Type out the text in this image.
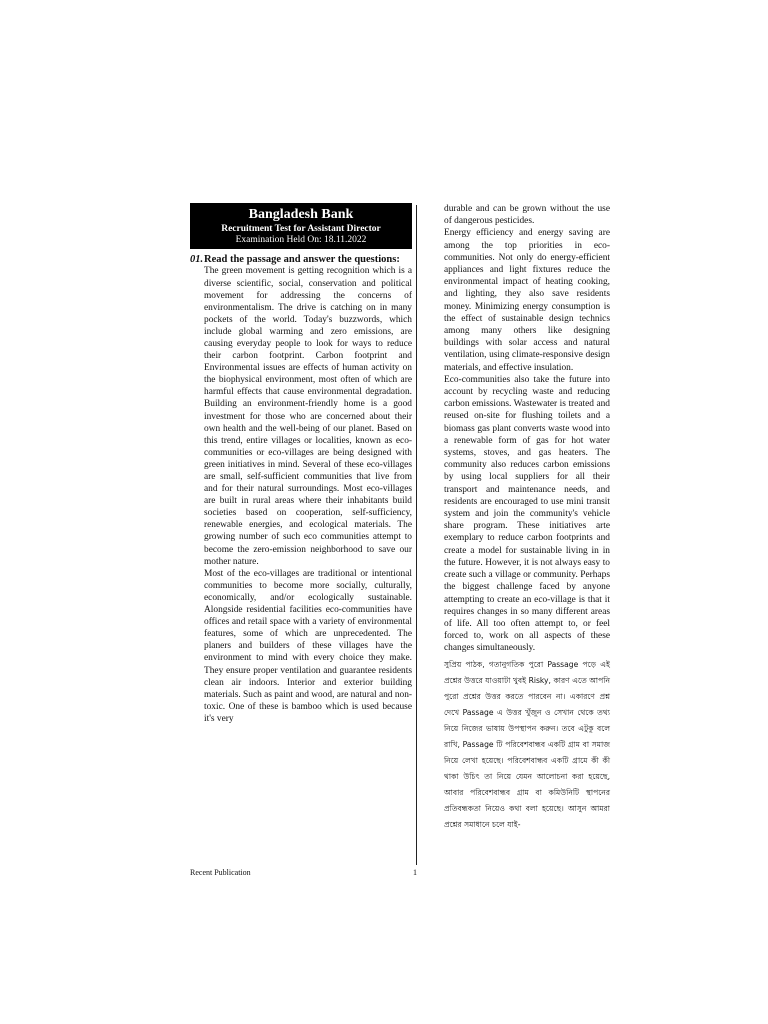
Bangladesh Bank
Recruitment Test for Assistant Director
Examination Held On: 18.11.2022
01. Read the passage and answer the questions:

The green movement is getting recognition which is a diverse scientific, social, conservation and political movement for addressing the concerns of environmentalism. The drive is catching on in many pockets of the world. Today's buzzwords, which include global warming and zero emissions, are causing everyday people to look for ways to reduce their carbon footprint. Carbon footprint and Environmental issues are effects of human activity on the biophysical environment, most often of which are harmful effects that cause environmental degradation. Building an environment-friendly home is a good investment for those who are concerned about their own health and the well-being of our planet. Based on this trend, entire villages or localities, known as eco-communities or eco-villages are being designed with green initiatives in mind. Several of these eco-villages are small, self-sufficient communities that live from and for their natural surroundings. Most eco-villages are built in rural areas where their inhabitants build societies based on cooperation, self-sufficiency, renewable energies, and ecological materials. The growing number of such eco communities attempt to become the zero-emission neighborhood to save our mother nature.

Most of the eco-villages are traditional or intentional communities to become more socially, culturally, economically, and/or ecologically sustainable. Alongside residential facilities eco-communities have offices and retail space with a variety of environmental features, some of which are unprecedented. The planers and builders of these villages have the environment to mind with every choice they make. They ensure proper ventilation and guarantee residents clean air indoors. Interior and exterior building materials. Such as paint and wood, are natural and non-toxic. One of these is bamboo which is used because it's very

durable and can be grown without the use of dangerous pesticides.

Energy efficiency and energy saving are among the top priorities in eco-communities. Not only do energy-efficient appliances and light fixtures reduce the environmental impact of heating cooking, and lighting, they also save residents money. Minimizing energy consumption is the effect of sustainable design technics among many others like designing buildings with solar access and natural ventilation, using climate-responsive design materials, and effective insulation.

Eco-communities also take the future into account by recycling waste and reducing carbon emissions. Wastewater is treated and reused on-site for flushing toilets and a biomass gas plant converts waste wood into a renewable form of gas for hot water systems, stoves, and gas heaters. The community also reduces carbon emissions by using local suppliers for all their transport and maintenance needs, and residents are encouraged to use mini transit system and join the community's vehicle share program. These initiatives arte exemplary to reduce carbon footprints and create a model for sustainable living in in the future. However, it is not always easy to create such a village or community. Perhaps the biggest challenge faced by anyone attempting to create an eco-village is that it requires changes in so many different areas of life. All too often attempt to, or feel forced to, work on all aspects of these changes simultaneously.

সুপ্রিয় পাঠক, গতানুগতিক পুরো Passage পড়ে এই প্রশ্নের উত্তরে যাওয়াটা খুবই Risky, কারণ এতে আপনি পুরো প্রশ্নের উত্তর করতে পারবেন না। একারণে প্রশ্ন দেখে Passage এ উত্তর খুঁজুন ও সেখান থেকে তথ্য নিয়ে নিজের ভাষায় উপস্থাপন করুন। তবে এটুকু বলে রাখি, Passage টি পরিবেশবান্ধব একটি গ্রাম বা সমাজ নিয়ে লেখা হয়েছে। পরিবেশবান্ধব একটি গ্রামে কী কী থাকা উচিৎ তা নিয়ে যেমন আলোচনা করা হয়েছে, আবার পরিবেশবান্ধব গ্রাম বা কমিউনিটি স্থাপনের প্রতিবন্ধকতা নিয়েও কথা বলা হয়েছে। আসুন আমরা প্রশ্নের সমাধানে চলে যাই-

Recent Publication	1
